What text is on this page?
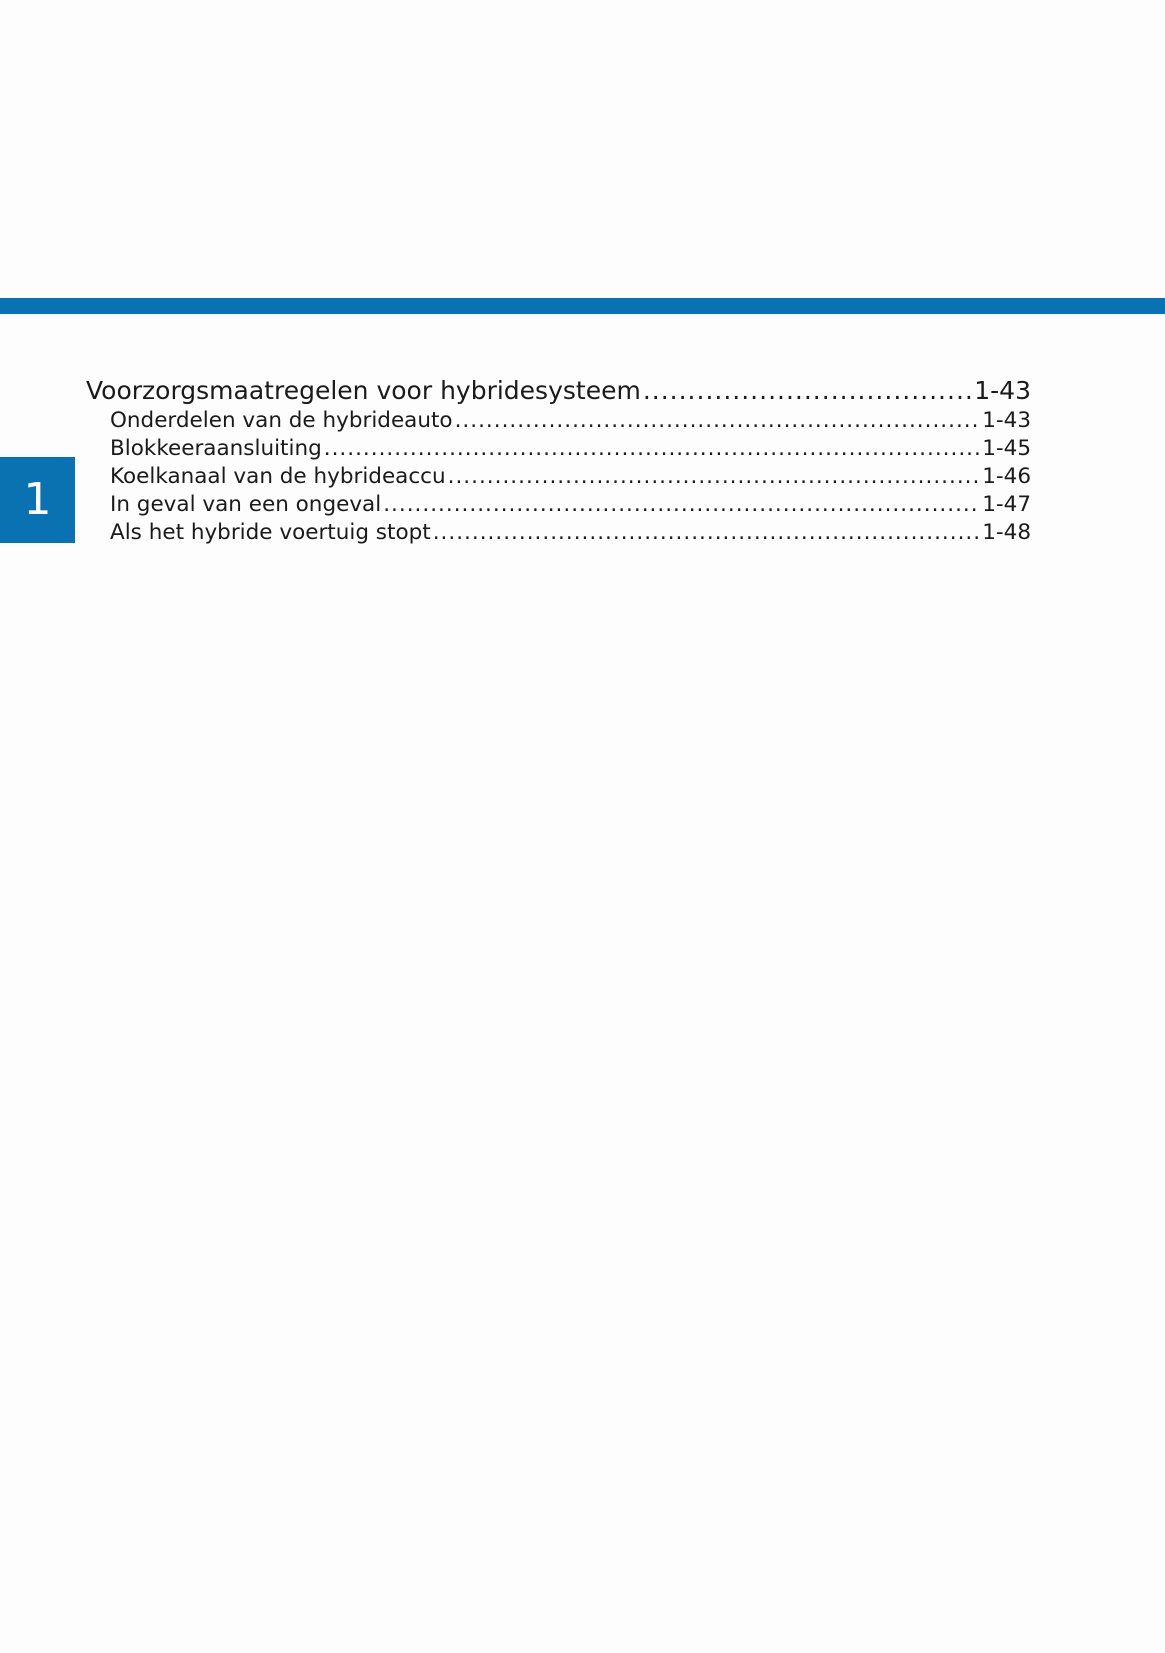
1
Voorzorgsmaatregelen voor hybridesysteem .....	1-43
Onderdelen van de hybrideauto .....	1-43
Blokkeeraansluiting .....	1-45
Koelkanaal van de hybrideaccu .....	1-46
In geval van een ongeval .....	1-47
Als het hybride voertuig stopt .....	1-48
